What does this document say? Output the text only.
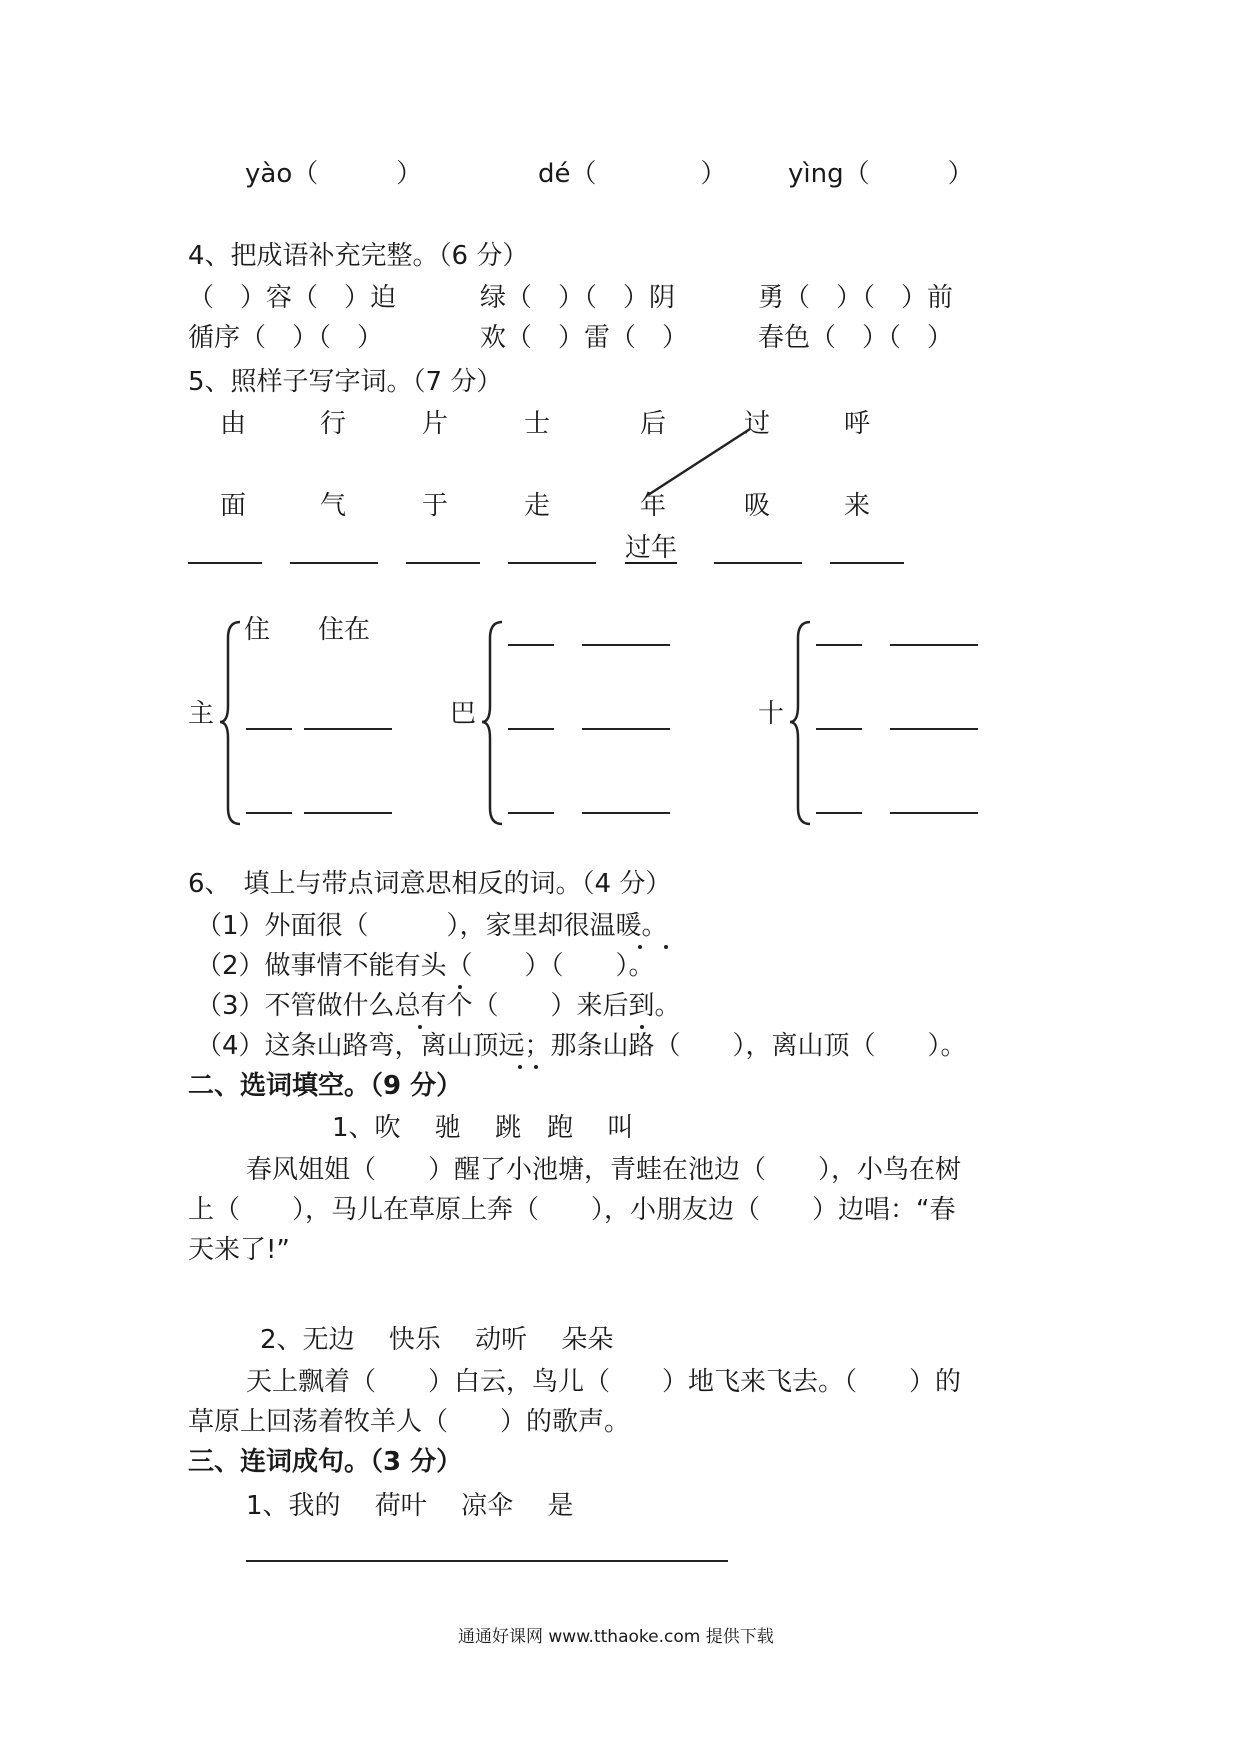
yào（　　　）	dé（　　　　） yìng（　　　）
4、把成语补充完整。（6 分）
（　）容（　）迫	绿（　）（　）阴	勇（　）（　）前
循序（　）（　）	欢（　）雷（　）	春色（　）（　）
5、照样子写字词。（7 分）
由	行	片	士	后	过	呼
面	气	于	走	年	吸	来
过年
主
住 住在
巴	十
6、　填上与带点词意思相反的词。（4 分）
（1）外面很（　　　），家里却很温暖。
（2）做事情不能有头（　　）（　　）。
（3）不管做什么总有个（　　）来后到。
（4）这条山路弯，离山顶远；那条山路（　　），离山顶（　　）。
二、选词填空。（9 分）
1、吹　 驰　 跳　跑　 叫
春风姐姐（　　）醒了小池塘，青蛙在池边（　　），小鸟在树
上（　　），马儿在草原上奔（　　），小朋友边（　　）边唱：“春
天来了!”
2、无边　 快乐　 动听　 朵朵
天上飘着（　　）白云，鸟儿（　　）地飞来飞去。（　　）的
草原上回荡着牧羊人（　　）的歌声。
三、连词成句。（3 分）
1、我的　 荷叶　 凉伞　 是
通通好课网 www.tthaoke.com 提供下载
